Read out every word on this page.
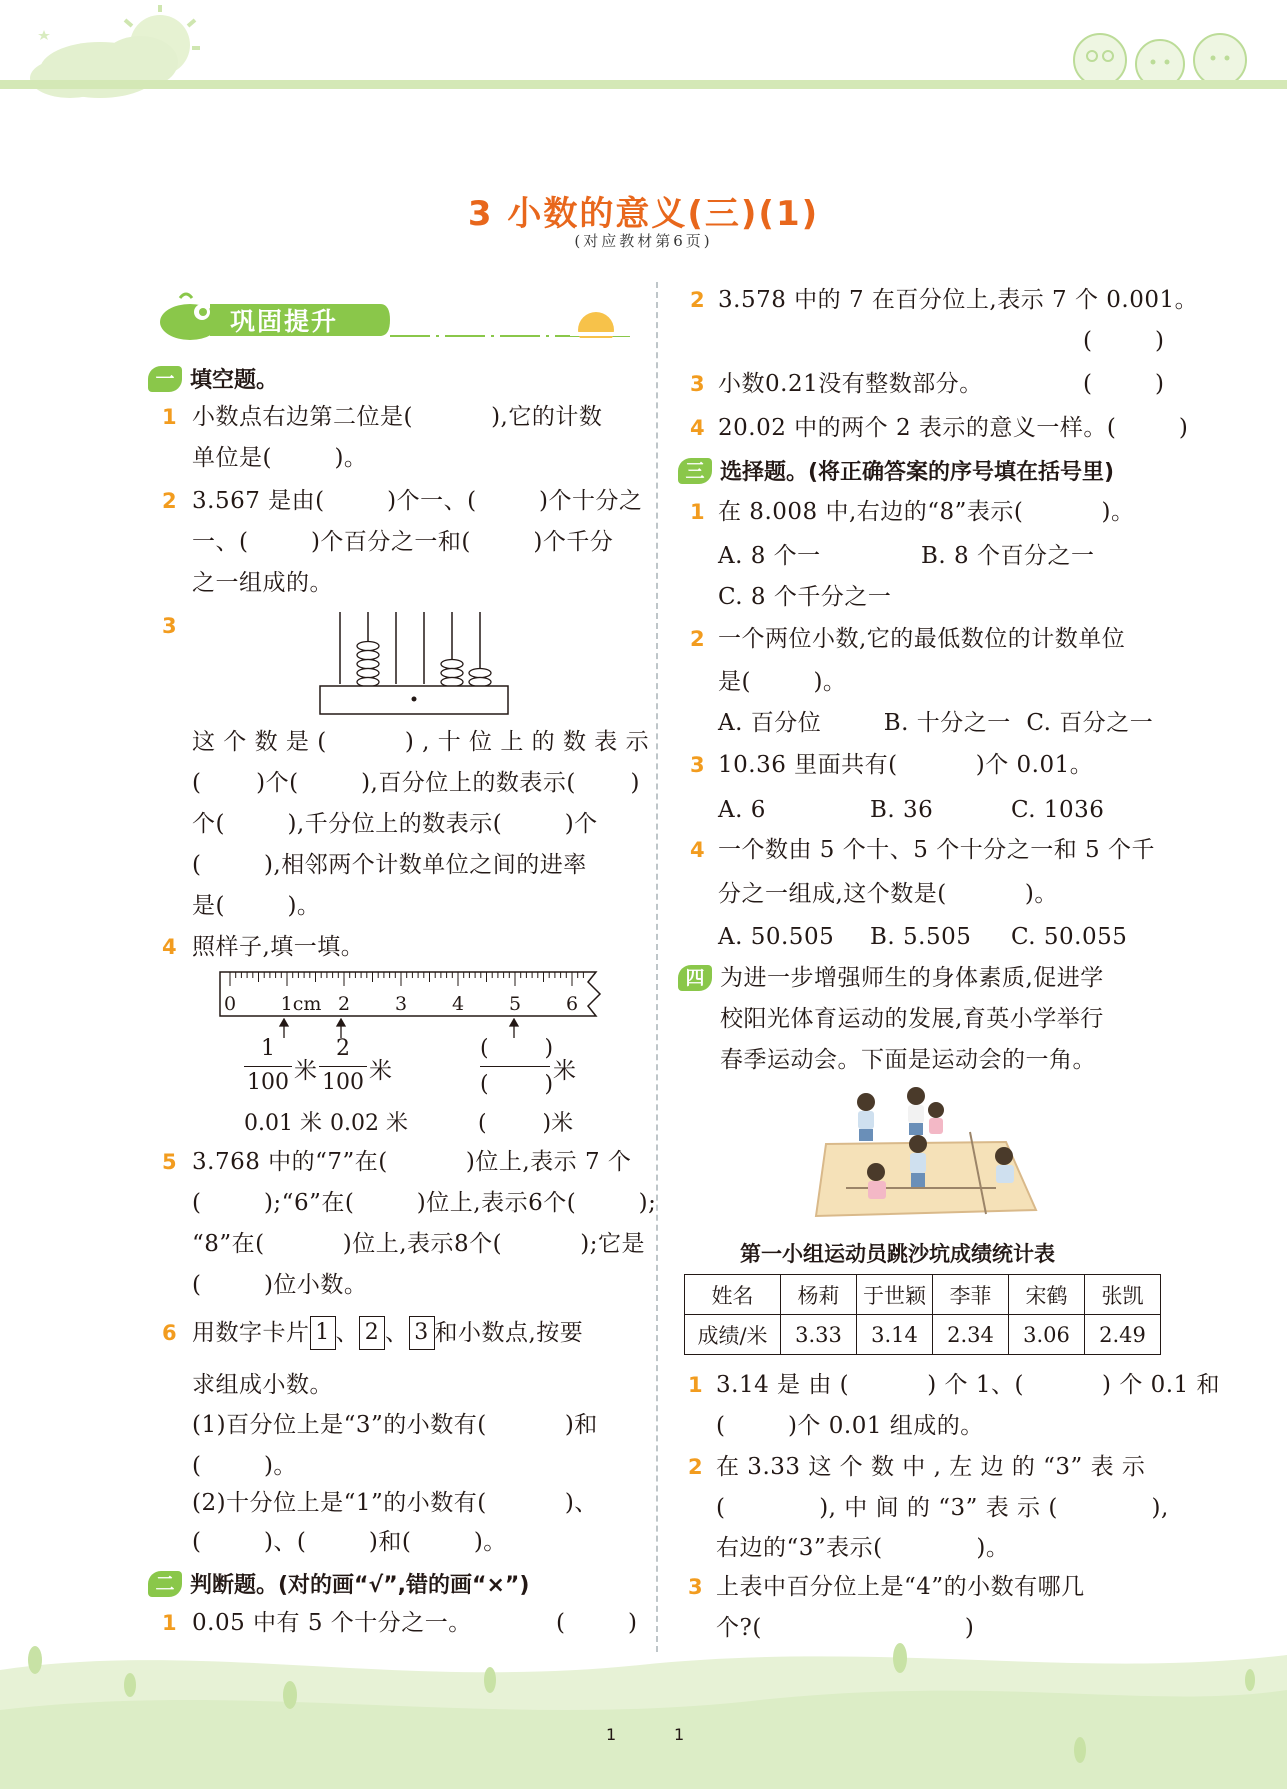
3 小数的意义(三)(1)
(对应教材第6页)
巩固提升
一 填空题。
1 小数点右边第二位是(          ),它的计数
单位是(        )。
2 3.567 是由(        )个一、(        )个十分之
一、(        )个百分之一和(        )个千分
之一组成的。
3
这 个 数 是 (          ) , 十 位 上 的 数 表 示
(       )个(        ),百分位上的数表示(       )
个(        ),千分位上的数表示(        )个
(        ),相邻两个计数单位之间的进率
是(        )。
4 照样子,填一填。
0 1cm 2 3 4 5 6
1
100 米
2
100 米
(        )
(        )
米
0.01 米 0.02 米	(        )米
5 3.768 中的“7”在(          )位上,表示 7 个
(        );“6”在(        )位上,表示6个(        );
“8”在(          )位上,表示8个(          );它是
(        )位小数。
6 用数字卡片 1 、 2 、 3 和小数点,按要
求组成小数。
(1)百分位上是“3”的小数有(          )和
(        )。
(2)十分位上是“1”的小数有(          )、
(        )、(        )和(        )。
二 判断题。(对的画“√”,错的画“×”)
1 0.05 中有 5 个十分之一。	(        )
2 3.578 中的 7 在百分位上,表示 7 个 0.001。
(        )
3 小数0.21没有整数部分。	(        )
4 20.02 中的两个 2 表示的意义一样。(        )
三 选择题。(将正确答案的序号填在括号里)
1 在 8.008 中,右边的“8”表示(          )。
A. 8 个一	B. 8 个百分之一
C. 8 个千分之一
2 一个两位小数,它的最低数位的计数单位
是(        )。
A. 百分位        B. 十分之一  C. 百分之一
3 10.36 里面共有(          )个 0.01。
A. 6	B. 36	C. 1036
4 一个数由 5 个十、5 个十分之一和 5 个千
分之一组成,这个数是(          )。
A. 50.505 B. 5.505 C. 50.055
四 为进一步增强师生的身体素质,促进学
校阳光体育运动的发展,育英小学举行
春季运动会。下面是运动会的一角。
第一小组运动员跳沙坑成绩统计表
姓名	杨莉	于世颖	李菲	宋鹤	张凯
成绩/米	3.33	3.14	2.34	3.06	2.49
1 3.14 是 由 (          ) 个 1、(          ) 个 0.1 和
(        )个 0.01 组成的。
2 在 3.33 这 个 数 中 , 左 边 的 “3” 表 示
(            ), 中 间 的 “3” 表 示 (            ),
右边的“3”表示(            )。
3 上表中百分位上是“4”的小数有哪几
个?(                          )
1	1
